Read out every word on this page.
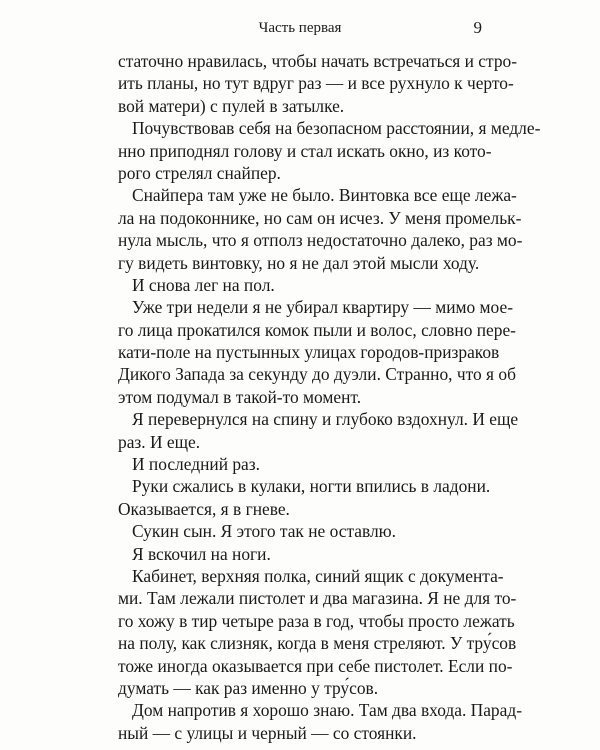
Часть первая	9
статочно нравилась, чтобы начать встречаться и стро-
ить планы, но тут вдруг раз — и все рухнуло к черто-
вой матери) с пулей в затылке.
Почувствовав себя на безопасном расстоянии, я медле-
нно приподнял голову и стал искать окно, из кото-
рого стрелял снайпер.
Снайпера там уже не было. Винтовка все еще лежа-
ла на подоконнике, но сам он исчез. У меня промельк-
нула мысль, что я отполз недостаточно далеко, раз мо-
гу видеть винтовку, но я не дал этой мысли ходу.
И снова лег на пол.
Уже три недели я не убирал квартиру — мимо мое-
го лица прокатился комок пыли и волос, словно пере-
кати-поле на пустынных улицах городов-призраков
Дикого Запада за секунду до дуэли. Странно, что я об
этом подумал в такой-то момент.
Я перевернулся на спину и глубоко вздохнул. И еще
раз. И еще.
И последний раз.
Руки сжались в кулаки, ногти впились в ладони.
Оказывается, я в гневе.
Сукин сын. Я этого так не оставлю.
Я вскочил на ноги.
Кабинет, верхняя полка, синий ящик с документа-
ми. Там лежали пистолет и два магазина. Я не для то-
го хожу в тир четыре раза в год, чтобы просто лежать
на полу, как слизняк, когда в меня стреляют. У тру́сов
тоже иногда оказывается при себе пистолет. Если по-
думать — как раз именно у тру́сов.
Дом напротив я хорошо знаю. Там два входа. Парад-
ный — с улицы и черный — со стоянки.
